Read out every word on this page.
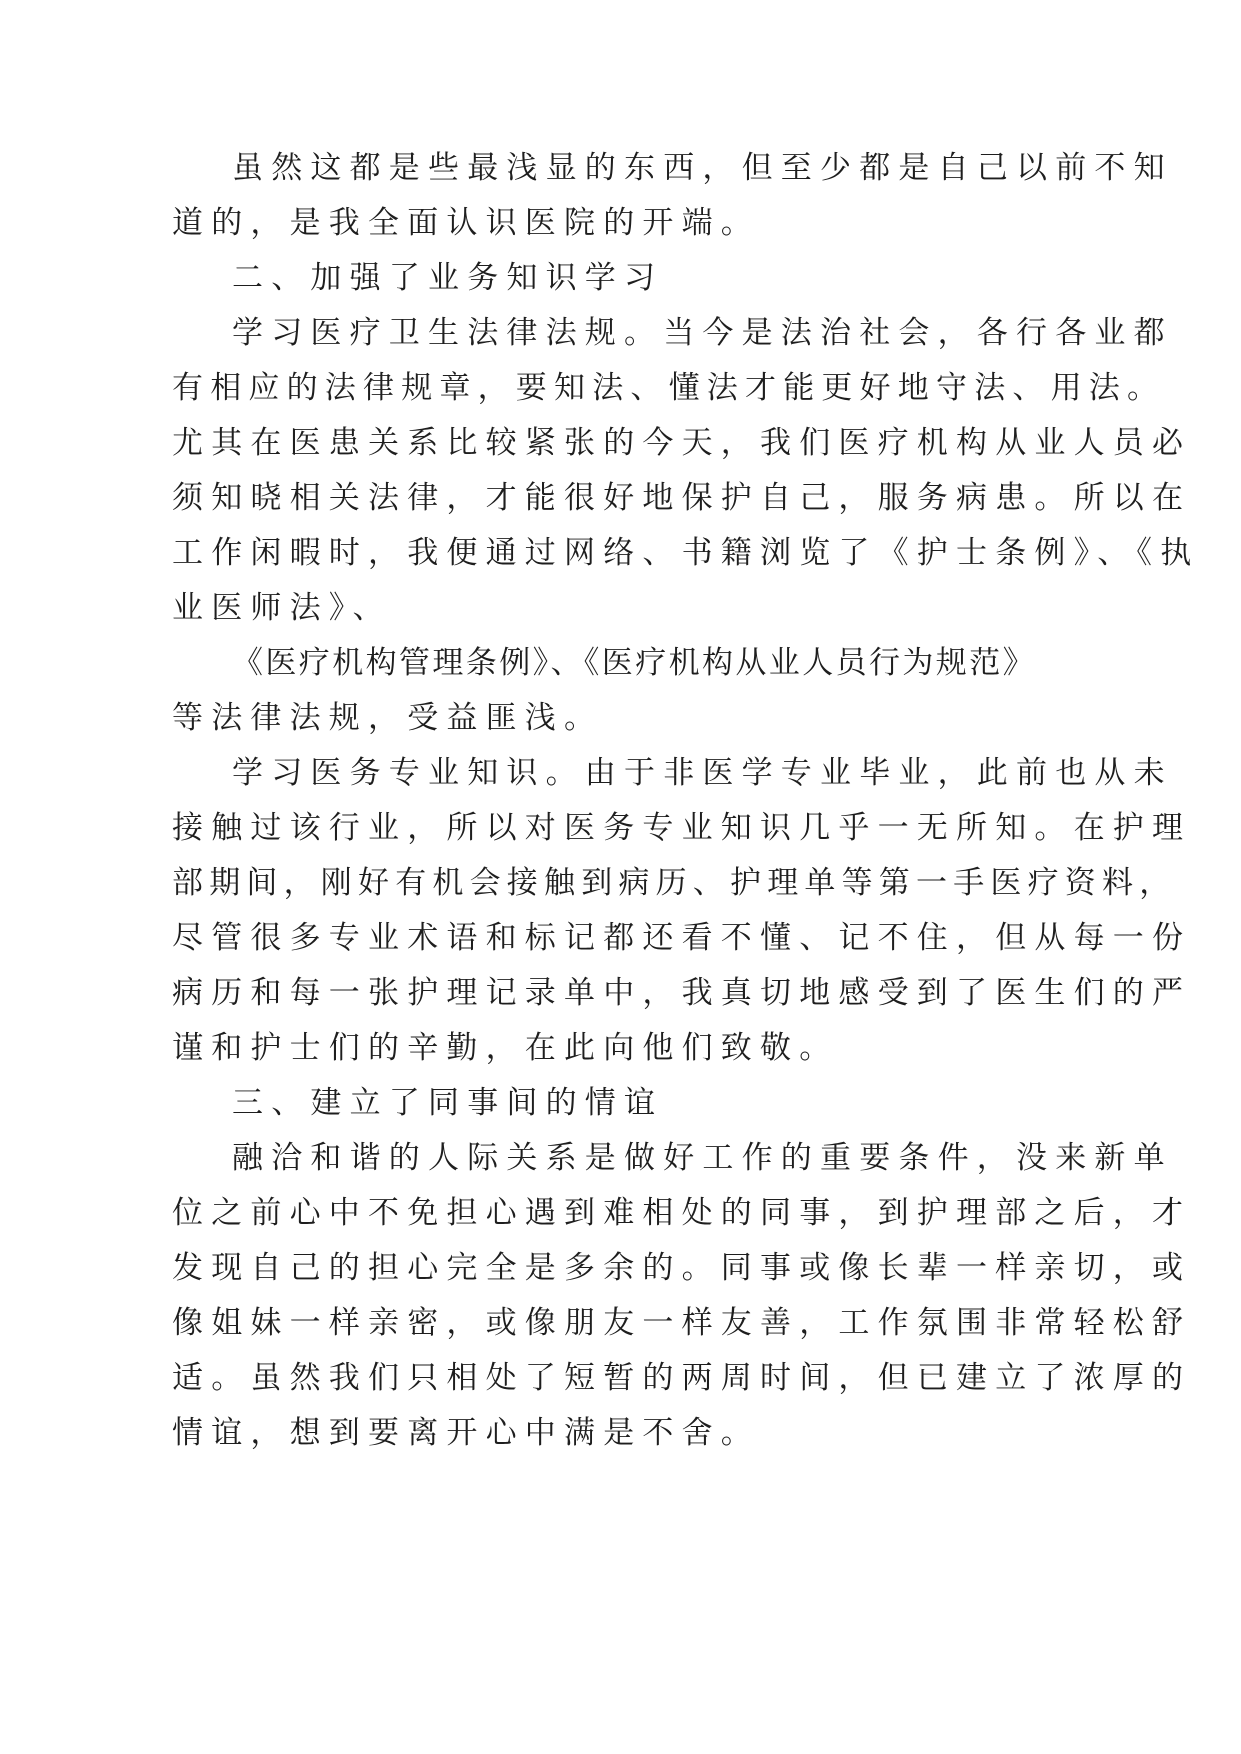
虽然这都是些最浅显的东西，但至少都是自己以前不知

道的，是我全面认识医院的开端。

二、加强了业务知识学习

学习医疗卫生法律法规。当今是法治社会，各行各业都

有相应的法律规章，要知法、懂法才能更好地守法、用法。

尤其在医患关系比较紧张的今天，我们医疗机构从业人员必

须知晓相关法律，才能很好地保护自己，服务病患。所以在

工作闲暇时，我便通过网络、书籍浏览了《护士条例》、《执

业医师法》、

《医疗机构管理条例》、《医疗机构从业人员行为规范》

等法律法规，受益匪浅。

学习医务专业知识。由于非医学专业毕业，此前也从未

接触过该行业，所以对医务专业知识几乎一无所知。在护理

部期间，刚好有机会接触到病历、护理单等第一手医疗资料，

尽管很多专业术语和标记都还看不懂、记不住，但从每一份

病历和每一张护理记录单中，我真切地感受到了医生们的严

谨和护士们的辛勤，在此向他们致敬。

三、建立了同事间的情谊

融洽和谐的人际关系是做好工作的重要条件，没来新单

位之前心中不免担心遇到难相处的同事，到护理部之后，才

发现自己的担心完全是多余的。同事或像长辈一样亲切，或

像姐妹一样亲密，或像朋友一样友善，工作氛围非常轻松舒

适。虽然我们只相处了短暂的两周时间，但已建立了浓厚的

情谊，想到要离开心中满是不舍。
